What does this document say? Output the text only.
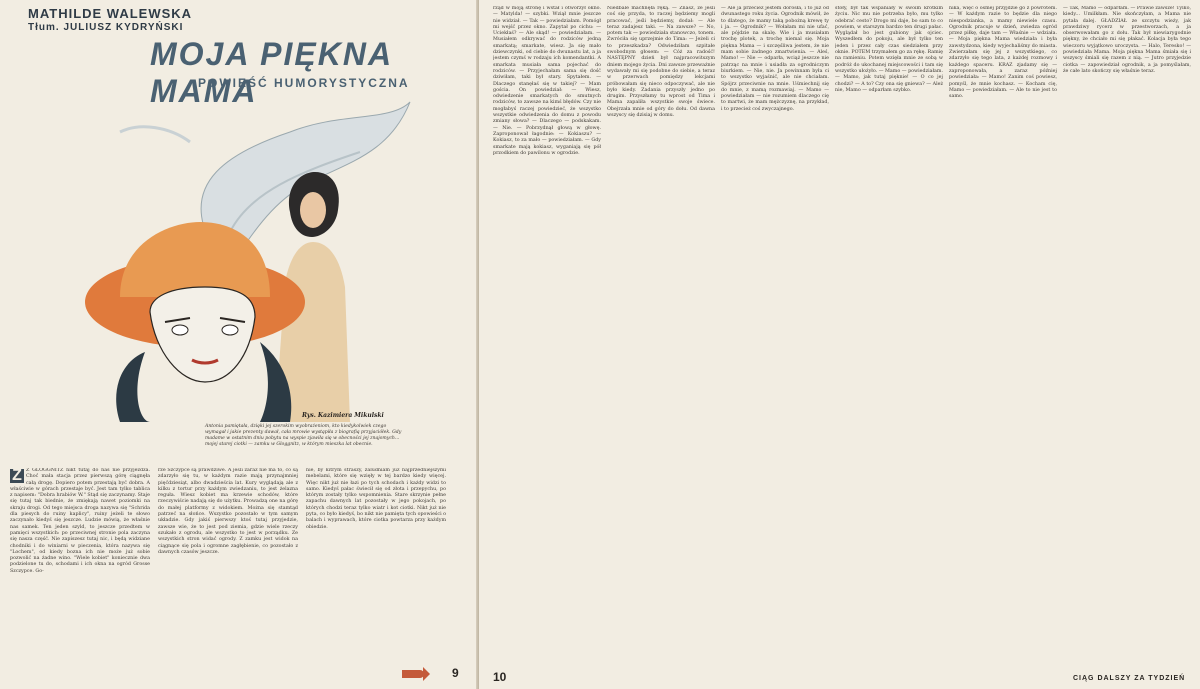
MATHILDE WALEWSKA
Tłum. JULIUSZ KYDRYŃSKI
MOJA PIĘKNA MAMA
POWIEŚĆ HUMORYSTYCZNA
Rys. Kazimiera Mikulski
Antonia pamiętała, dzięki jej szerokim wyobrażeniom, kto kiedykolwiek czego wymagał i jakie prezenty dawał, cała mrowie wystąpiła z biografią przyjaciółek. Gdy madame w ostatnim dniu pobytu na wyspie zjawiła się w obecności jej znajomych... mojej starej ciotki — zamku w Gloggnitz, w którym mieszka lat obecnie.
Z Z GLOGGNITZ nikt tutaj do nas nie przyjeżdża. Choć mała stacja przez pierwszą górę ciągnęła całą drogę. Dopiero potem przestają być dobra. A właściwie w górach przestaje być. Jest tam tylko tablica z napisem: "Dobra hrabiów W." Stąd się zaczynamy. Staje się tutaj tak biednie, że zmiękają nawet poziomki na skraju drogi. Od tego miejsca droga nazywa się "Schrida dla piesych do ruiny kaplicy", ruiny jeżeli te słowo zaczynało kiedyś się jeszcze. Ludzie mówią, że właśnie nas samek. Ten jeden szyld, to jeszcze przedtem w pamięci wszystkich: po przeciwnej stronie pola zaczyna się nasza część. Nie zapiszesz tutaj nic, i będą widziane chodniki i do winiarni w pieczenia, która nazywa się "Lochem", od kiedy bozna ich nie może już sobie pozwolić na żadne wino. "Wiele kobiet" koniecznie dwa podzielone tu do, schodami i ich okna na ogród Grosse Szczypce. Go-
rze Szczypce są prawdziwe. A jeśli zaraz nie ma to, co są zdarzyło się tu, w każdym razie mają przynajmniej pięćdziesiąt, albo dwadzieścia lat. Kury wyglądają ale z kilku z tortur przy każdym zwiedzaniu, to jest żelazna reguła. Wiesz kobiet ma krzewie schodów, które rzeczywiście nadają się do użytku. Prowadzą one na górę do małej platformy z widokiem. Można się stamtąd patrzeć na słońce. Wszystko pozostało w tym samym układzie. Gdy jakiś pierwszy ktoś tutaj przyjedzie, zawsze wie, że to jest pod ziemia, gdzie wiele rzeczy szukało z ogrodu, ale wszystko to jest w porządku. Ze wszystkich stron widać ogrody. Z zamku jest widok na ciągnące się pola i ogromne zagłębienie, co pozostało z dawnych czasów jeszcze.
nie, by kitrym straszy, zaludniam już najprzedniejszymi mebelami, które się wzięły w tej bardzo kiedy więcej. Więc nikt już nie łazi po tych schodach i każdy widzi to samo. Kiedyś pałac świecił się od złota i przepychu, po którym zostały tylko wspomnienia. Stare skrzynie pełne zapachu dawnych lat pozostały w jego pokojach, po których chodzi teraz tylko wiatr i kot ciotki. Nikt już nie pyta, co było kiedyś, bo nikt nie pamięta tych opowieści o balach i wyprawach, które ciotka powtarza przy każdym obiedzie.
9
rząd w moją stronę i wstał i otworzył okno. — Matylda! — szybki. Wziął mnie jeszcze nie widział. — Tak — powiedziałam. Pomógł mi wejść przez okno. Zapytał po cichu: — Uciekłaś? — Ale skąd! — powiedziałam. — Musiałem odkrywać do rodziców jedną smarkatą; smarkate, wiesz. Ja się mało dziewczynki, od ciebie do dwunastu lat, a ja jestem czymś w rodzaju ich komendantki. A smarkata musiała sama pojechać do rodziców. — Przyjechałam sama się dość dziwiłam, taki był stary. Spytałem. — Dlaczego stanęłaś się w takiej? — Mam gościa. On powiedział: — Wiesz, odwiedzenie smarkatych do smutnych rodziców, to zawsze na kimś błędów. Czy nie mogłabyś raczej powiedzieć, że wszystko wszystkie odwiedzenia do domu z powodu zmiany słowa? — Dlaczego — podskakam. — Nie. — Pobrzydnął głową w głowę. Zaproponował łagodnie: — Kokiaszu? — Kokiasz, to za mało — powiedziałam. — Gdy smarkate mają kokiasz, wyganiają się pół przodkiem do pawilonu w ogrodzie.
Niedbale machnęła ręką. — Znasz, że jeśli coś się przyda, to raczej będziemy mogli pracować, jeśli będziemy, dodał: — Ale teraz zadajesz taki. — Na zawsze? — No, potem tak — powiedziała stanowczo, tonem. Zwróciła się uprzejmie do Tima: — Jeżeli ci to przeszkadza? Odwiedziłam szpitałe swobodnym głosem: — Cóż za radość! NASTĘPNY dzień był najpracowitszym dniem mojego życia. Dni zawsze przeważnie wydawały mi się podobne do siebie, a teraz w przerwach pomiędzy lekcjami próbowałam się nieco odpoczywać, ale nie było kiedy. Zadania przyszły jedno po drugim. Przyszłamy tu wprost od Tima i Mama zapaliła wszystkie swoje świece. Obejrzała mnie od góry do dołu. Od dawna wszyscy się dzisiaj w domu.
— Ale ja przecież jestem dorosła, i to już od dwunastego roku życia. Ogrodnik mówił, że to dlatego, że mamy taką pobożną krewę ty i ja. — Ogrodnik? — Wołałam mi nie ufać, ale pójdzie na skalę. Wie i ja musiałam trochę plotek, a trochę niemal się. Moja piękna Mama — i szczęśliwa jestem, że nie mam sobie żadnego zmartwienia. — Aleś, Mamo! — Nie — odparła, wciąż jeszcze nie patrząc na mnie i usiadła za ogrodniczym biurkiem. — Nie, nie. Ja powinnam była ci to wszystko wyjaśnić, ale nie chciałam. Spójrz przeciwnie na mnie. Uśmiechnij się do mnie, z mamą rozmawiaj. — Mamo — powiedziałam — nie rozumiem dlaczego cię to martwi, że mam mężczyznę, na przykład, i to przecież coś zwyczajnego.
stoły, był tak wspaniały w swoim krótkim życiu. Nic mu nie potrzeba było, mu tylko odebrać cesto? Drogo mi daje, bo sam to co powiem, w starszym bardzo ten drugi pałac. Wyglądał bo jest gubiony jak ojciec. Wyszedłem do pokoju, ale był tylko ten jeden i przez cały czas siedziałem przy oknie. POTEM trzymałem go za rękę. Ramię na ramieniu. Potem wzięła mnie ze sobą w podróż do ukochanej miejscowości i tam się wszystko ułożyło. — Mamo — powiedziałam. — Mamo, jak tutaj pięknie! — O co jej chodzi? — A to? Czy ona się gniewa? — Ależ nie, Mamo — odparłam szybko.
nika, więc o ósmej przyjdzie go z powrotem. — W każdym razie to będzie dla niego niespodzianka, a mamy niewiele czasu. Ogrodnik pracuje w dzień, zwiedza ogród przez piłkę, daje tam — Właśnie — wdziała. — Moja piękna Mama wiedziała i była zawstydzona, kiedy wyjechaliśmy do miasta. Zwierzałam się jej z wszystkiego, co zdarzyło się tego lata, z każdej rozmowy i każdego spaceru. KRAZ zjadamy się — zaproponowała, a zaraz później powiedziała: — Mamo! Zanim coś powiesz, pomyśl, że mnie kochasz. — Kocham cię, Mamo — powiedziałam. — Ale to nie jest to samo.
— Tak, Mamo — odparłam. — Prawie zawsze! Tylko, kiedy... Umilkłam. Nie skończyłam, a Mama nie pytała dalej. GŁADZIAŁ ze szczytu wieży, jak prawdziwy rycerz w przestworzach, a ja obserwowałam go z dołu. Tak był niewiarygodnie piękny, że chciało mi się płakać. Kolacja była tego wieczoru wyjątkowo uroczysta. — Halo, Teresko! — powiedziała Mama. Moja piękna Mama śmiała się i wszyscy śmiali się razem z nią. — Jutro przyjedzie ciotka — zapowiedział ogrodnik, a ja pomyślałam, że całe lato skończy się właśnie teraz.
10	CIĄG DALSZY ZA TYDZIEŃ
